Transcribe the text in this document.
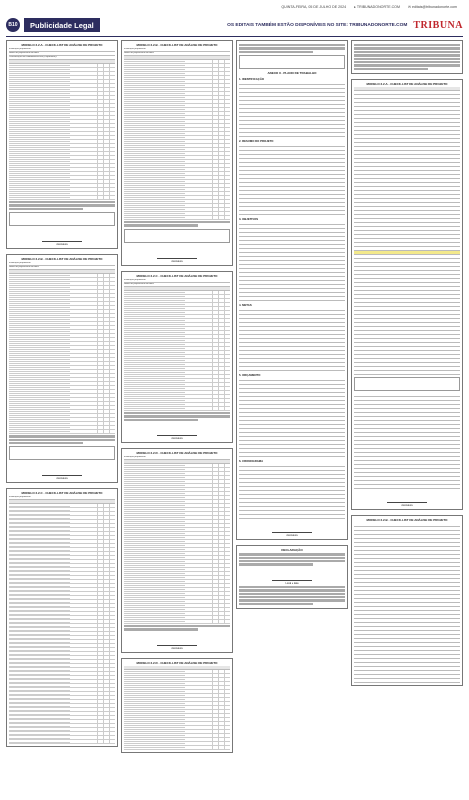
QUINTA-FEIRA, 05 DE JULHO DE 2024 ▸ TRIBUNADONORTE.COM ✉ editais@tribunadonorte.com
B10	Publicidade Legal	OS EDITAIS TAMBÉM ESTÃO DISPONÍVEIS NO SITE: TRIBUNADONORTE.COM TRIBUNA
MODELO 2.2.A - CHECK-LIST DE ANÁLISE DE PROJETO
Instituição proponente:
Nome do projeto/título da obra:
Classificação do candidato/recurso (Proponente):
Assinatura
MODELO 2.2.B - CHECK-LIST DE ANÁLISE DE PROJETO
Instituição proponente:
Nome do projeto/título da obra:
Assinatura
MODELO 2.2.C - CHECK-LIST DE ANÁLISE DE PROJETO
Instituição proponente:
MODELO 2.2.B - CHECK-LIST DE ANÁLISE DE PROJETO
Instituição proponente:
Nome do projeto/título da obra:
Assinatura
MODELO 2.2.C - CHECK-LIST DE ANÁLISE DE PROJETO
Instituição proponente:
Nome do projeto/título da obra:
Assinatura
MODELO 2.2.D - CHECK-LIST DE ANÁLISE DE PROJETO
Instituição proponente:
Assinatura
MODELO 2.2.D - CHECK-LIST DE ANÁLISE DE PROJETO
ANEXO II - PLANO DE TRABALHO
1. IDENTIFICAÇÃO
2. RESUMO DO PROJETO
3. OBJETIVOS
4. METAS
5. ORÇAMENTO
6. CRONOGRAMA
Assinatura
DECLARAÇÃO
Local e data
MODELO 2.2.A - CHECK-LIST DE ANÁLISE DE PROJETO
Assinatura
MODELO 2.2.B - CHECK-LIST DE ANÁLISE DE PROJETO
